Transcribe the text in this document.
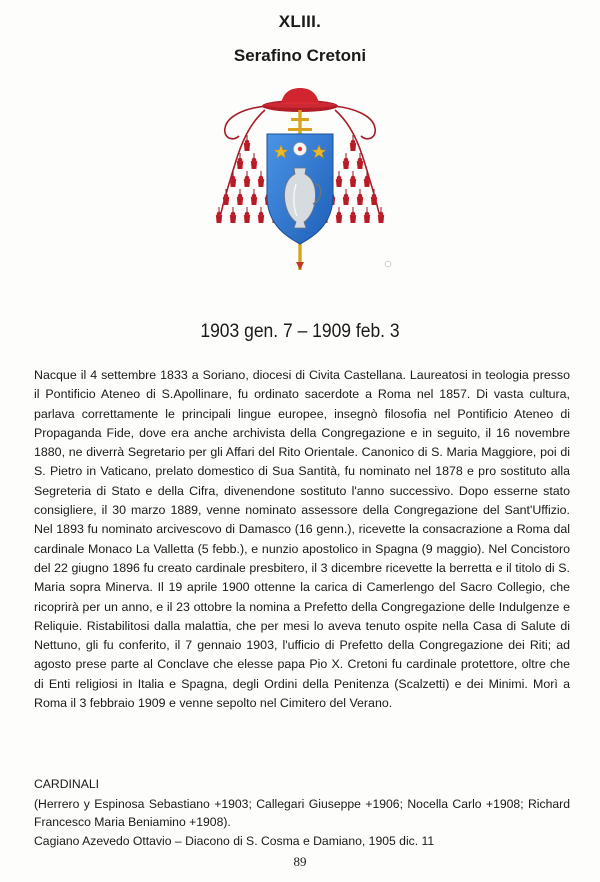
XLIII.
Serafino Cretoni
1903 gen. 7 – 1909 feb. 3

Nacque il 4 settembre 1833 a Soriano, diocesi di Civita Castellana. Laureatosi in teologia presso il Pontificio Ateneo di S.Apollinare, fu ordinato sacerdote a Roma nel 1857. Di vasta cultura, parlava correttamente le principali lingue europee, insegnò filosofia nel Pontificio Ateneo di Propaganda Fide, dove era anche archivista della Congregazione e in seguito, il 16 novembre 1880, ne diverrà Segretario per gli Affari del Rito Orientale. Canonico di S. Maria Maggiore, poi di S. Pietro in Vaticano, prelato domestico di Sua Santità, fu nominato nel 1878 e pro sostituto alla Segreteria di Stato e della Cifra, divenendone sostituto l'anno successivo. Dopo esserne stato consigliere, il 30 marzo 1889, venne nominato assessore della Congregazione del Sant'Uffizio. Nel 1893 fu nominato arcivescovo di Damasco (16 genn.), ricevette la consacrazione a Roma dal cardinale Monaco La Valletta (5 febb.), e nunzio apostolico in Spagna (9 maggio). Nel Concistoro del 22 giugno 1896 fu creato cardinale presbitero, il 3 dicembre ricevette la berretta e il titolo di S. Maria sopra Minerva. Il 19 aprile 1900 ottenne la carica di Camerlengo del Sacro Collegio, che ricoprirà per un anno, e il 23 ottobre la nomina a Prefetto della Congregazione delle Indulgenze e Reliquie. Ristabilitosi dalla malattia, che per mesi lo aveva tenuto ospite nella Casa di Salute di Nettuno, gli fu conferito, il 7 gennaio 1903, l'ufficio di Prefetto della Congregazione dei Riti; ad agosto prese parte al Conclave che elesse papa Pio X. Cretoni fu cardinale protettore, oltre che di Enti religiosi in Italia e Spagna, degli Ordini della Penitenza (Scalzetti) e dei Minimi. Morì a Roma il 3 febbraio 1909 e venne sepolto nel Cimitero del Verano.

CARDINALI

(Herrero y Espinosa Sebastiano +1903; Callegari Giuseppe +1906; Nocella Carlo +1908; Richard Francesco Maria Beniamino +1908).

Cagiano Azevedo Ottavio – Diacono di S. Cosma e Damiano, 1905 dic. 11

89
